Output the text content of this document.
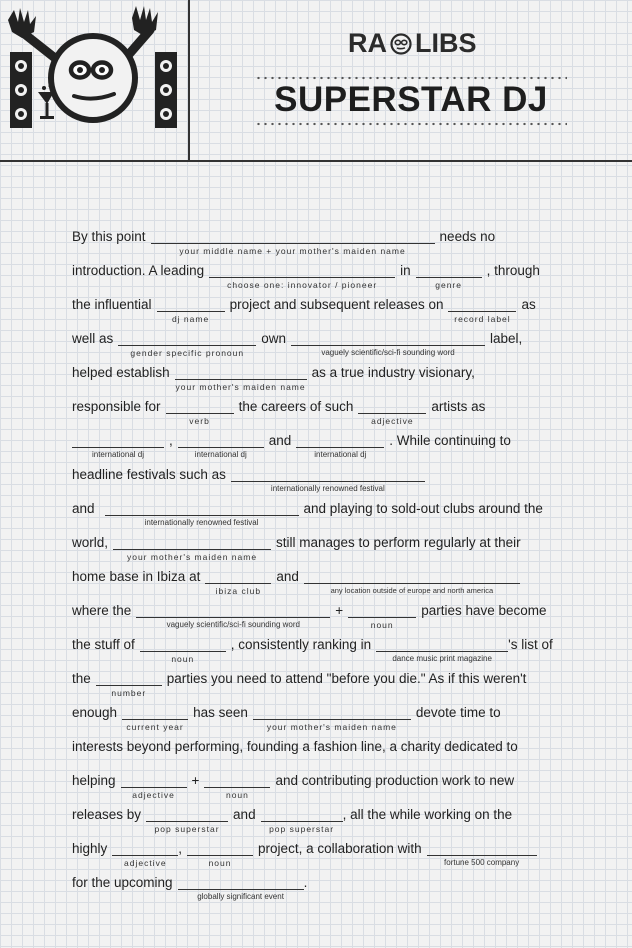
RA LIBS
SUPERSTAR DJ
By this point
your middle name + your mother's maiden name
needs no
introduction. A leading
choose one: innovator / pioneer
in
genre
, through
the influential
dj name
project and subsequent releases on
record label
as
well as
gender specific pronoun
own
vaguely scientific/sci-fi sounding word
label,
helped establish
your mother's maiden name
as a true industry visionary,
responsible for
verb
the careers of such
adjective
artists as
international dj
,
international dj
and
international dj
. While continuing to
headline festivals such as
internationally renowned festival
and
internationally renowned festival
and playing to sold-out clubs around the
world,
your mother's maiden name
still manages to perform regularly at their
home base in Ibiza at
ibiza club
and
any location outside of europe and north america
where the
vaguely scientific/sci-fi sounding word
+
noun
parties have become
the stuff of
noun
, consistently ranking in
dance music print magazine
's list of
the
number
parties you need to attend "before you die." As if this weren't
enough
current year
has seen
your mother's maiden name
devote time to
interests beyond performing, founding a fashion line, a charity dedicated to
helping
adjective
+
noun
and contributing production work to new
releases by
pop superstar
and
pop superstar
, all the while working on the
highly
adjective
,
noun
project, a collaboration with
fortune 500 company
for the upcoming
globally significant event
.
